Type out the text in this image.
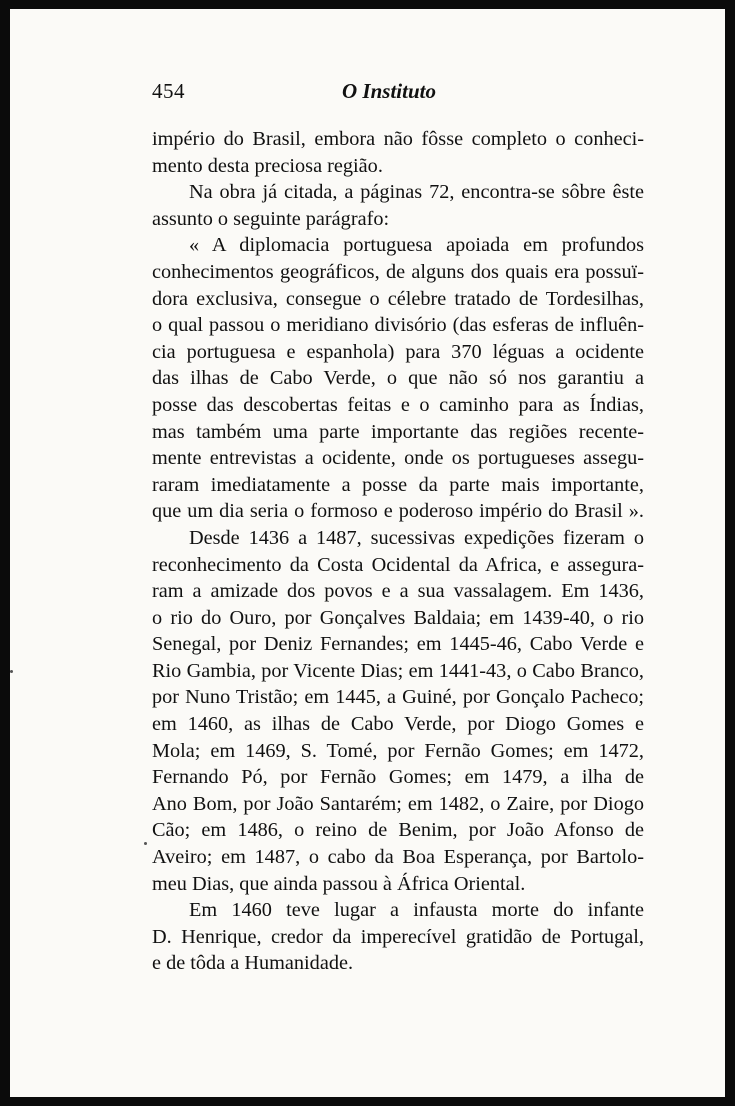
454	O Instituto
império do Brasil, embora não fôsse completo o conheci-
mento desta preciosa região.
Na obra já citada, a páginas 72, encontra-se sôbre êste
assunto o seguinte parágrafo:
« A diplomacia portuguesa apoiada em profundos
conhecimentos geográficos, de alguns dos quais era possuï-
dora exclusiva, consegue o célebre tratado de Tordesilhas,
o qual passou o meridiano divisório (das esferas de influên-
cia portuguesa e espanhola) para 370 léguas a ocidente
das ilhas de Cabo Verde, o que não só nos garantiu a
posse das descobertas feitas e o caminho para as Índias,
mas também uma parte importante das regiões recente-
mente entrevistas a ocidente, onde os portugueses assegu-
raram imediatamente a posse da parte mais importante,
que um dia seria o formoso e poderoso império do Brasil ».
Desde 1436 a 1487, sucessivas expedições fizeram o
reconhecimento da Costa Ocidental da Africa, e assegura-
ram a amizade dos povos e a sua vassalagem. Em 1436,
o rio do Ouro, por Gonçalves Baldaia; em 1439-40, o rio
Senegal, por Deniz Fernandes; em 1445-46, Cabo Verde e
Rio Gambia, por Vicente Dias; em 1441-43, o Cabo Branco,
por Nuno Tristão; em 1445, a Guiné, por Gonçalo Pacheco;
em 1460, as ilhas de Cabo Verde, por Diogo Gomes e
Mola; em 1469, S. Tomé, por Fernão Gomes; em 1472,
Fernando Pó, por Fernão Gomes; em 1479, a ilha de
Ano Bom, por João Santarém; em 1482, o Zaire, por Diogo
Cão; em 1486, o reino de Benim, por João Afonso de
Aveiro; em 1487, o cabo da Boa Esperança, por Bartolo-
meu Dias, que ainda passou à África Oriental.
Em 1460 teve lugar a infausta morte do infante
D. Henrique, credor da imperecível gratidão de Portugal,
e de tôda a Humanidade.
